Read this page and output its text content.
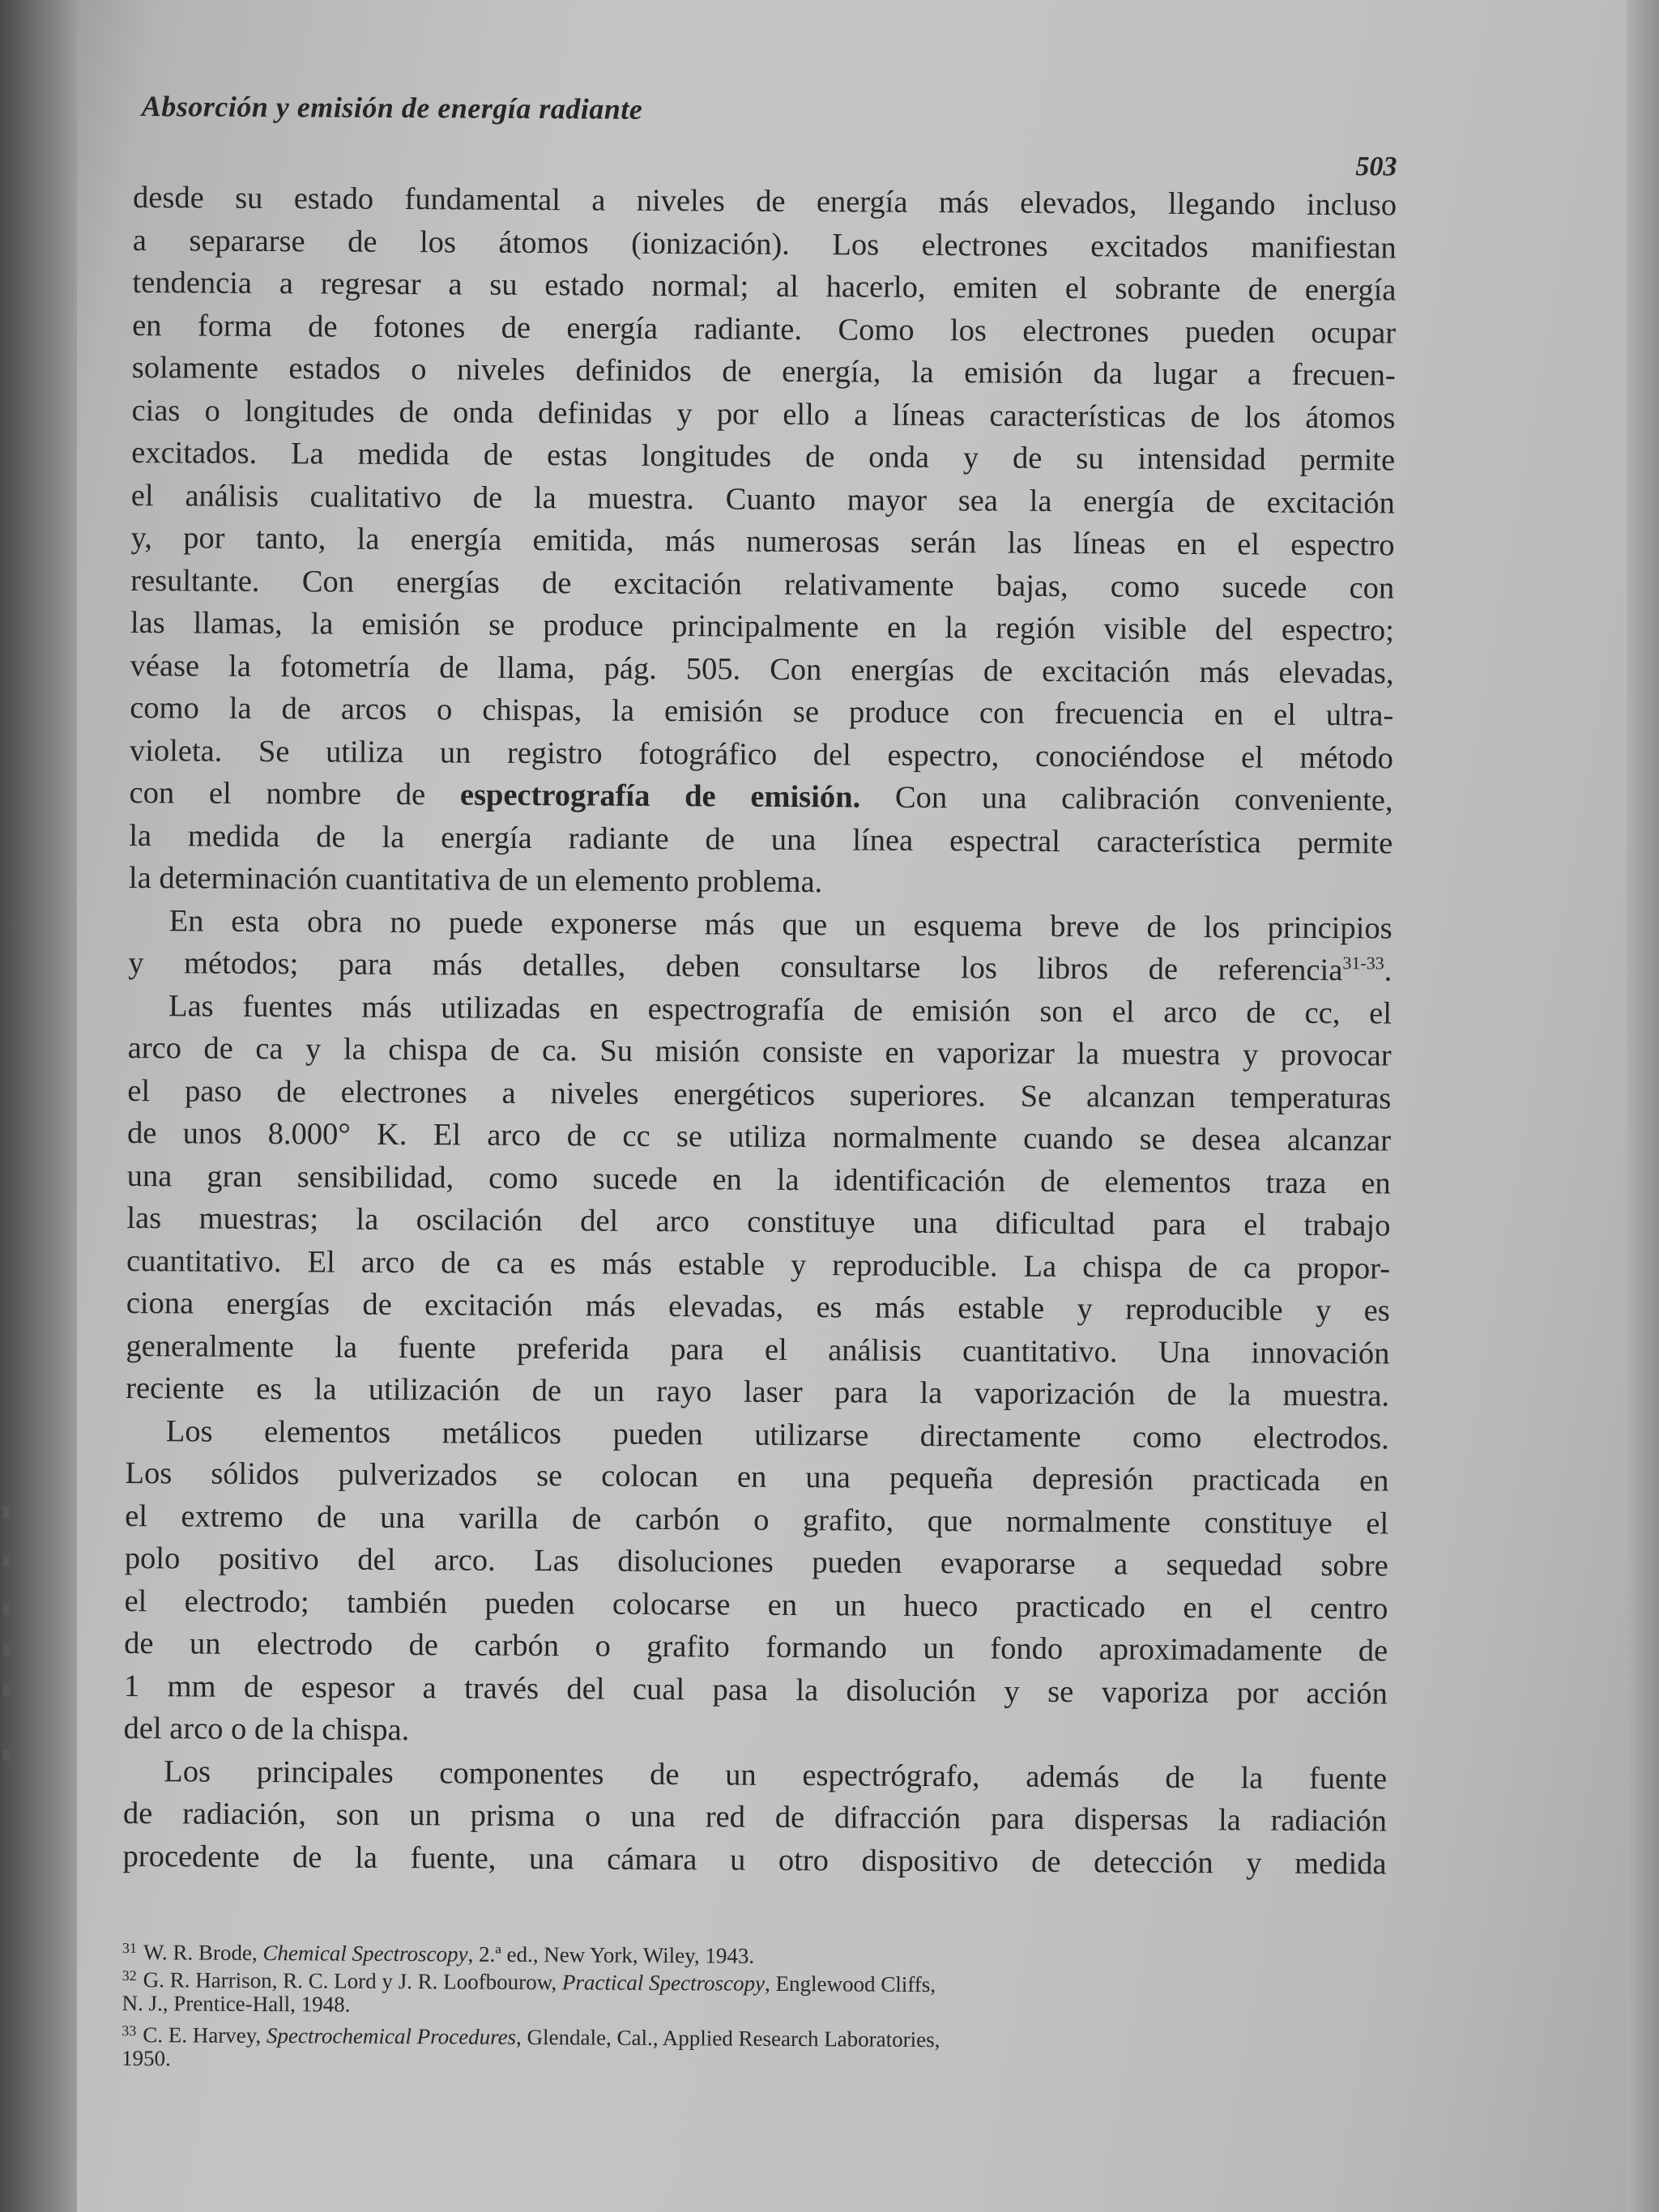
Absorción y emisión de energía radiante
503
desde su estado fundamental a niveles de energía más elevados, llegando incluso
a separarse de los átomos (ionización). Los electrones excitados manifiestan
tendencia a regresar a su estado normal; al hacerlo, emiten el sobrante de energía
en forma de fotones de energía radiante. Como los electrones pueden ocupar
solamente estados o niveles definidos de energía, la emisión da lugar a frecuen-
cias o longitudes de onda definidas y por ello a líneas características de los átomos
excitados. La medida de estas longitudes de onda y de su intensidad permite
el análisis cualitativo de la muestra. Cuanto mayor sea la energía de excitación
y, por tanto, la energía emitida, más numerosas serán las líneas en el espectro
resultante. Con energías de excitación relativamente bajas, como sucede con
las llamas, la emisión se produce principalmente en la región visible del espectro;
véase la fotometría de llama, pág. 505. Con energías de excitación más elevadas,
como la de arcos o chispas, la emisión se produce con frecuencia en el ultra-
violeta. Se utiliza un registro fotográfico del espectro, conociéndose el método
con el nombre de espectrografía de emisión. Con una calibración conveniente,
la medida de la energía radiante de una línea espectral característica permite
la determinación cuantitativa de un elemento problema.
En esta obra no puede exponerse más que un esquema breve de los principios
y métodos; para más detalles, deben consultarse los libros de referencia$^{31-33}$.
Las fuentes más utilizadas en espectrografía de emisión son el arco de cc, el
arco de ca y la chispa de ca. Su misión consiste en vaporizar la muestra y provocar
el paso de electrones a niveles energéticos superiores. Se alcanzan temperaturas
de unos 8.000° K. El arco de cc se utiliza normalmente cuando se desea alcanzar
una gran sensibilidad, como sucede en la identificación de elementos traza en
las muestras; la oscilación del arco constituye una dificultad para el trabajo
cuantitativo. El arco de ca es más estable y reproducible. La chispa de ca propor-
ciona energías de excitación más elevadas, es más estable y reproducible y es
generalmente la fuente preferida para el análisis cuantitativo. Una innovación
reciente es la utilización de un rayo laser para la vaporización de la muestra.
Los elementos metálicos pueden utilizarse directamente como electrodos.
Los sólidos pulverizados se colocan en una pequeña depresión practicada en
el extremo de una varilla de carbón o grafito, que normalmente constituye el
polo positivo del arco. Las disoluciones pueden evaporarse a sequedad sobre
el electrodo; también pueden colocarse en un hueco practicado en el centro
de un electrodo de carbón o grafito formando un fondo aproximadamente de
1 mm de espesor a través del cual pasa la disolución y se vaporiza por acción
del arco o de la chispa.
Los principales componentes de un espectrógrafo, además de la fuente
de radiación, son un prisma o una red de difracción para dispersas la radiación
procedente de la fuente, una cámara u otro dispositivo de detección y medida
$^{31}$ W. R. Brode, Chemical Spectroscopy, 2.ª ed., New York, Wiley, 1943.
$^{32}$ G. R. Harrison, R. C. Lord y J. R. Loofbourow, Practical Spectroscopy, Englewood Cliffs,
N. J., Prentice-Hall, 1948.
$^{33}$ C. E. Harvey, Spectrochemical Procedures, Glendale, Cal., Applied Research Laboratories,
1950.
